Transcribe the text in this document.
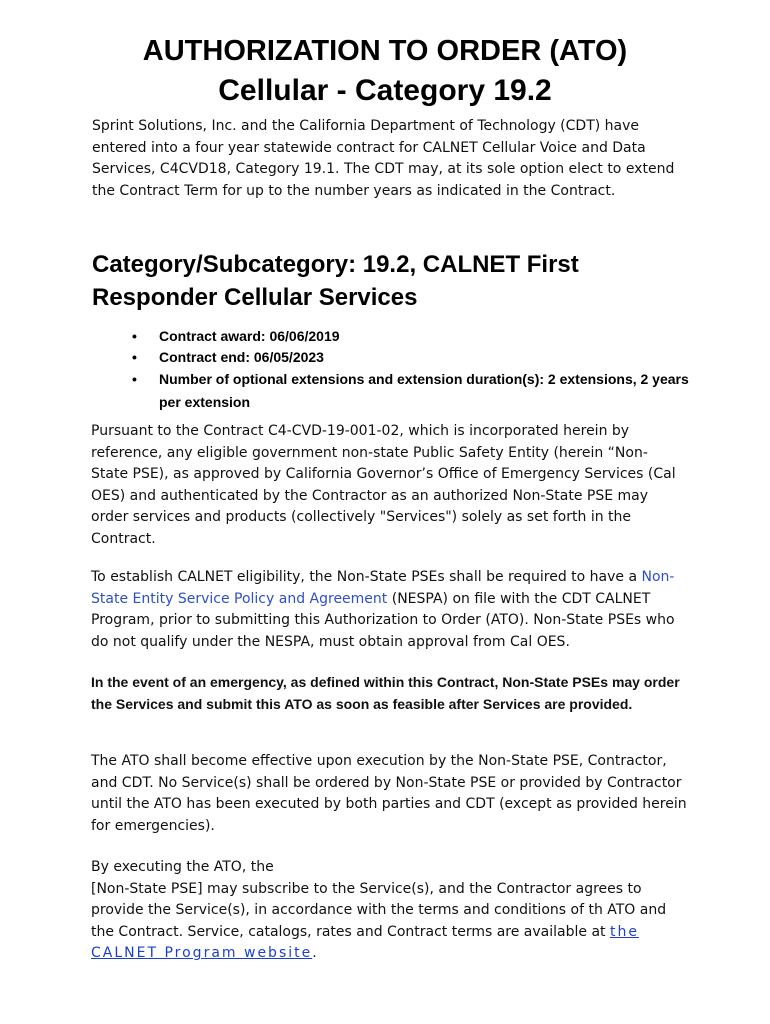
AUTHORIZATION TO ORDER (ATO)
Cellular - Category 19.2

Sprint Solutions, Inc. and the California Department of Technology (CDT) have entered into a four year statewide contract for CALNET Cellular Voice and Data Services, C4CVD18, Category 19.1. The CDT may, at its sole option elect to extend the Contract Term for up to the number years as indicated in the Contract.

Category/Subcategory: 19.2, CALNET First Responder Cellular Services
• Contract award: 06/06/2019
• Contract end: 06/05/2023
• Number of optional extensions and extension duration(s): 2 extensions, 2 years per extension

Pursuant to the Contract C4-CVD-19-001-02, which is incorporated herein by reference, any eligible government non-state Public Safety Entity (herein “Non-State PSE), as approved by California Governor’s Office of Emergency Services (Cal OES) and authenticated by the Contractor as an authorized Non-State PSE may order services and products (collectively "Services") solely as set forth in the Contract.

To establish CALNET eligibility, the Non-State PSEs shall be required to have a Non-State Entity Service Policy and Agreement (NESPA) on file with the CDT CALNET Program, prior to submitting this Authorization to Order (ATO). Non-State PSEs who do not qualify under the NESPA, must obtain approval from Cal OES.

In the event of an emergency, as defined within this Contract, Non-State PSEs may order the Services and submit this ATO as soon as feasible after Services are provided.

The ATO shall become effective upon execution by the Non-State PSE, Contractor, and CDT. No Service(s) shall be ordered by Non-State PSE or provided by Contractor until the ATO has been executed by both parties and CDT (except as provided herein for emergencies).

By executing the ATO, the
[Non-State PSE] may subscribe to the Service(s), and the Contractor agrees to provide the Service(s), in accordance with the terms and conditions of th ATO and the Contract. Service, catalogs, rates and Contract terms are available at the CALNET Program website.
